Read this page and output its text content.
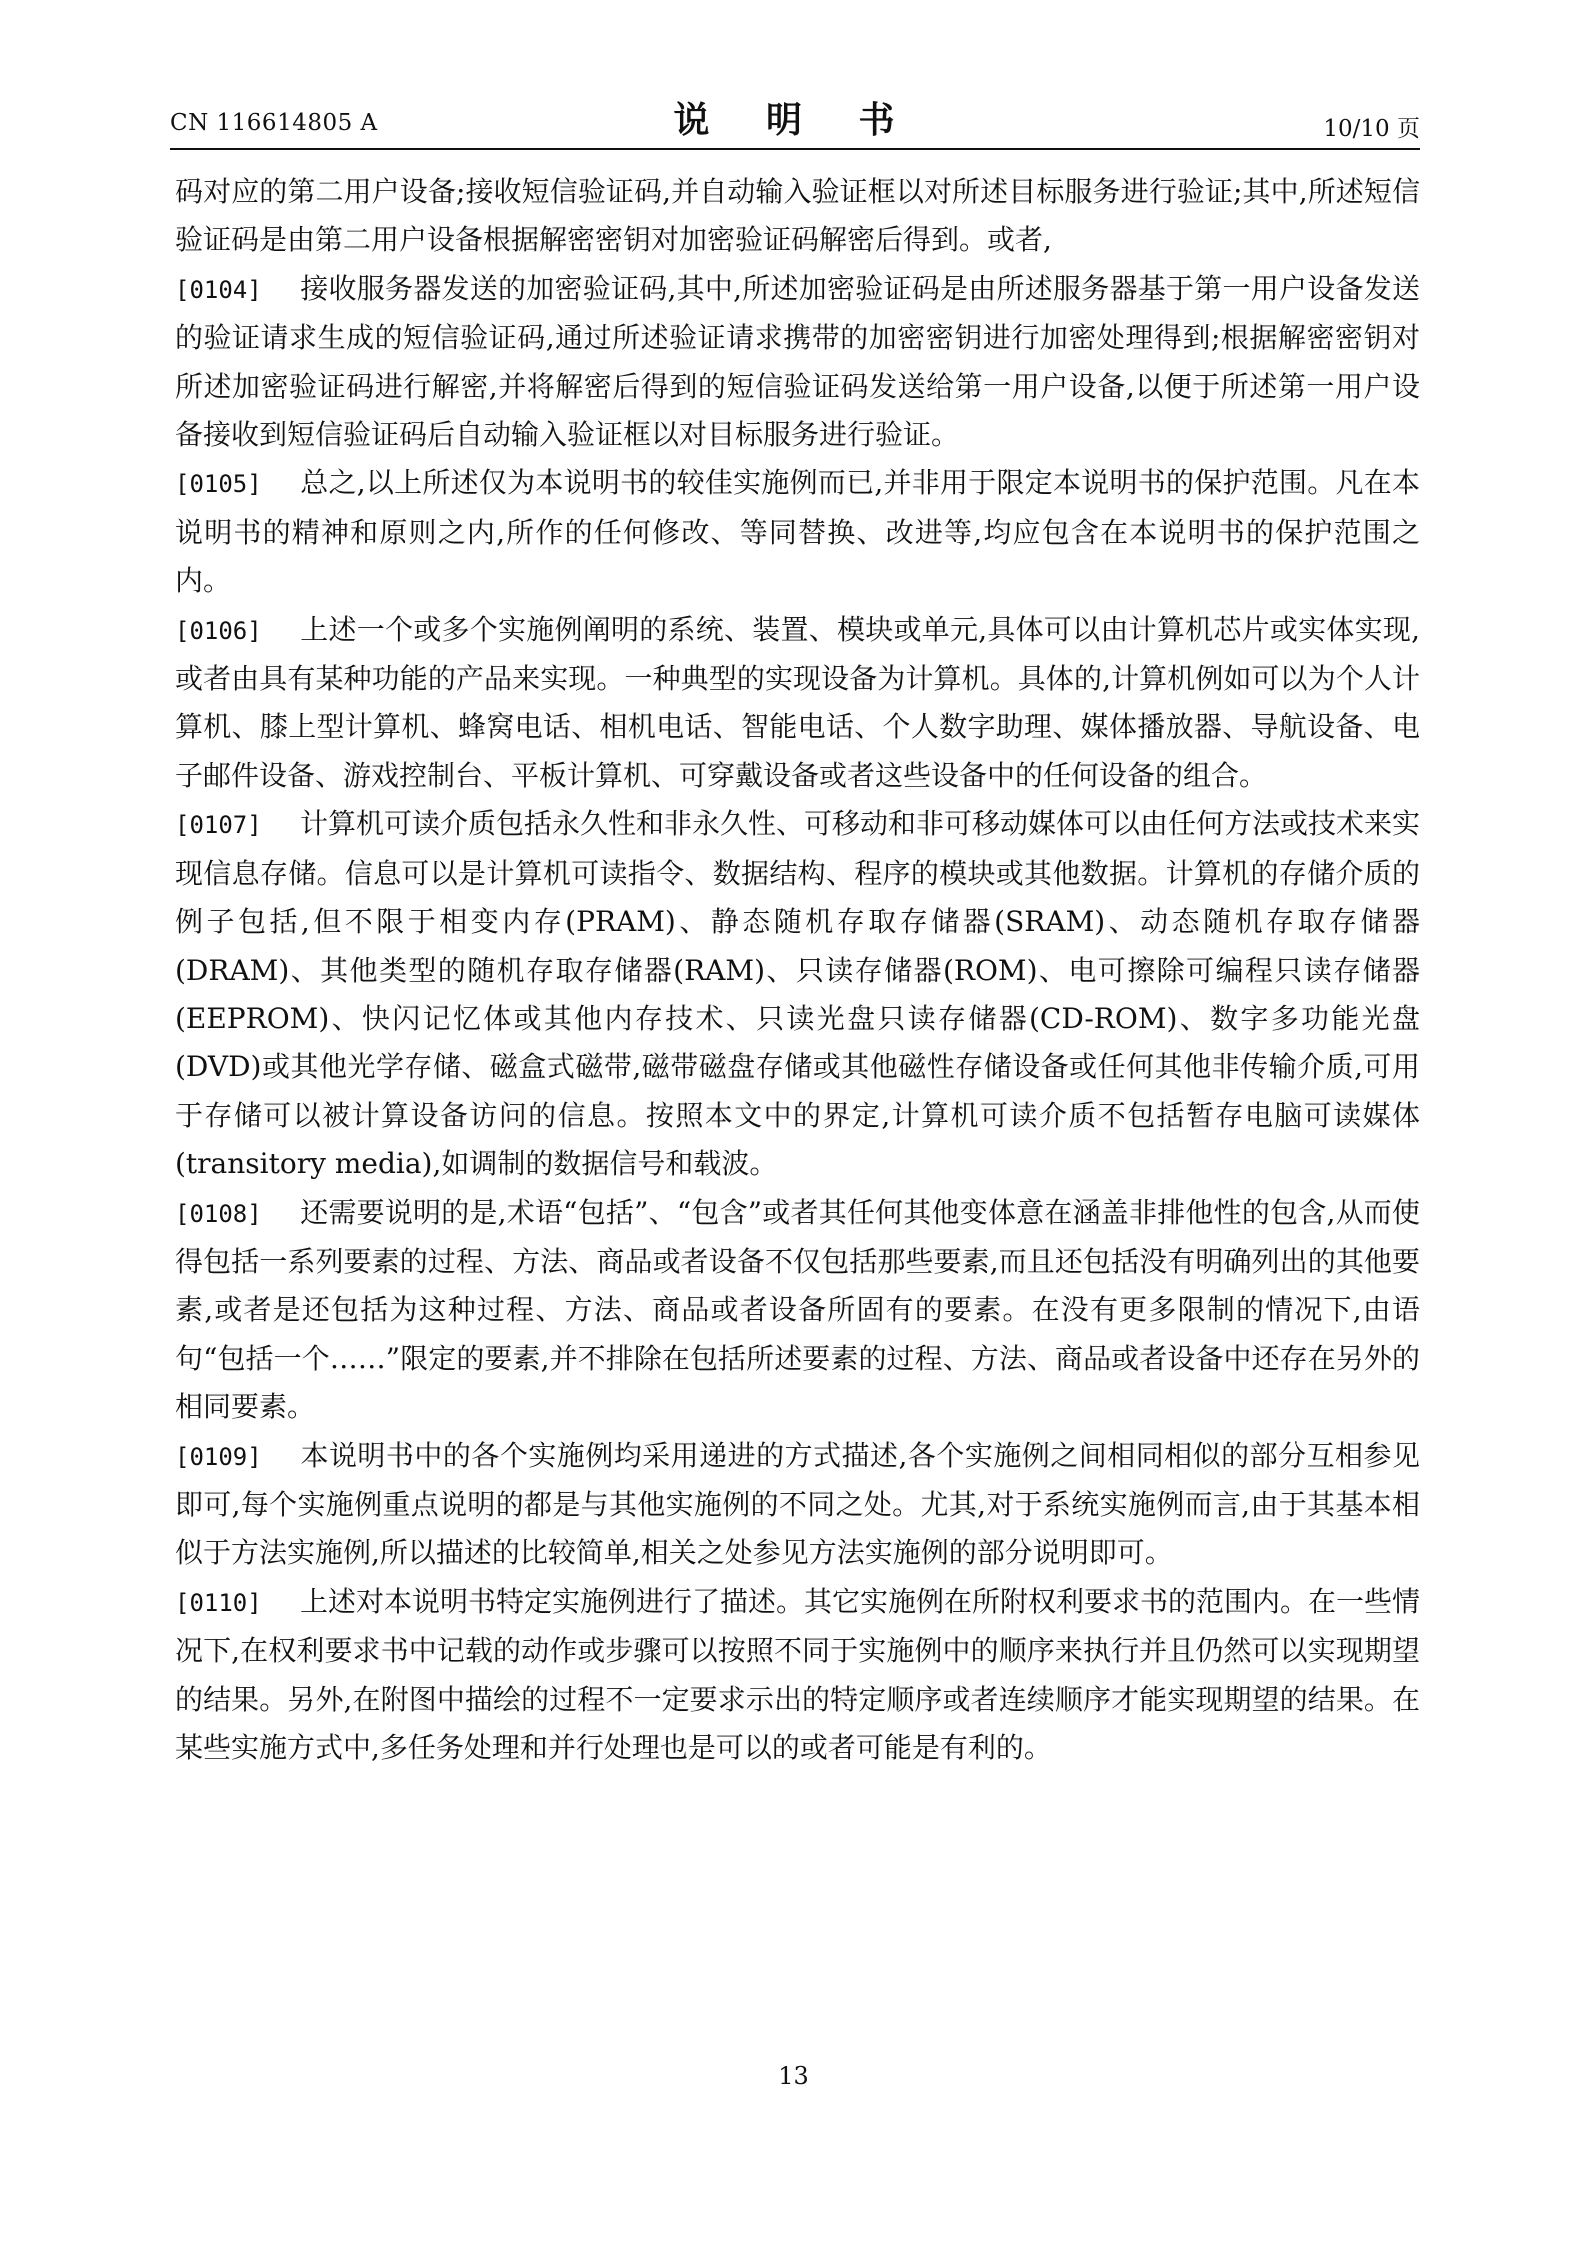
CN 116614805 A	说 明 书	10/10 页

码对应的第二用户设备;接收短信验证码,并自动输入验证框以对所述目标服务进行验证;其中,所述短信验证码是由第二用户设备根据解密密钥对加密验证码解密后得到。或者,

[0104] 接收服务器发送的加密验证码,其中,所述加密验证码是由所述服务器基于第一用户设备发送的验证请求生成的短信验证码,通过所述验证请求携带的加密密钥进行加密处理得到;根据解密密钥对所述加密验证码进行解密,并将解密后得到的短信验证码发送给第一用户设备,以便于所述第一用户设备接收到短信验证码后自动输入验证框以对目标服务进行验证。

[0105] 总之,以上所述仅为本说明书的较佳实施例而已,并非用于限定本说明书的保护范围。凡在本说明书的精神和原则之内,所作的任何修改、等同替换、改进等,均应包含在本说明书的保护范围之内。

[0106] 上述一个或多个实施例阐明的系统、装置、模块或单元,具体可以由计算机芯片或实体实现,或者由具有某种功能的产品来实现。一种典型的实现设备为计算机。具体的,计算机例如可以为个人计算机、膝上型计算机、蜂窝电话、相机电话、智能电话、个人数字助理、媒体播放器、导航设备、电子邮件设备、游戏控制台、平板计算机、可穿戴设备或者这些设备中的任何设备的组合。

[0107] 计算机可读介质包括永久性和非永久性、可移动和非可移动媒体可以由任何方法或技术来实现信息存储。信息可以是计算机可读指令、数据结构、程序的模块或其他数据。计算机的存储介质的例子包括,但不限于相变内存(PRAM)、静态随机存取存储器(SRAM)、动态随机存取存储器(DRAM)、其他类型的随机存取存储器(RAM)、只读存储器(ROM)、电可擦除可编程只读存储器(EEPROM)、快闪记忆体或其他内存技术、只读光盘只读存储器(CD-ROM)、数字多功能光盘(DVD)或其他光学存储、磁盒式磁带,磁带磁盘存储或其他磁性存储设备或任何其他非传输介质,可用于存储可以被计算设备访问的信息。按照本文中的界定,计算机可读介质不包括暂存电脑可读媒体(transitory media),如调制的数据信号和载波。

[0108] 还需要说明的是,术语“包括”、“包含”或者其任何其他变体意在涵盖非排他性的包含,从而使得包括一系列要素的过程、方法、商品或者设备不仅包括那些要素,而且还包括没有明确列出的其他要素,或者是还包括为这种过程、方法、商品或者设备所固有的要素。在没有更多限制的情况下,由语句“包括一个……”限定的要素,并不排除在包括所述要素的过程、方法、商品或者设备中还存在另外的相同要素。

[0109] 本说明书中的各个实施例均采用递进的方式描述,各个实施例之间相同相似的部分互相参见即可,每个实施例重点说明的都是与其他实施例的不同之处。尤其,对于系统实施例而言,由于其基本相似于方法实施例,所以描述的比较简单,相关之处参见方法实施例的部分说明即可。

[0110] 上述对本说明书特定实施例进行了描述。其它实施例在所附权利要求书的范围内。在一些情况下,在权利要求书中记载的动作或步骤可以按照不同于实施例中的顺序来执行并且仍然可以实现期望的结果。另外,在附图中描绘的过程不一定要求示出的特定顺序或者连续顺序才能实现期望的结果。在某些实施方式中,多任务处理和并行处理也是可以的或者可能是有利的。

13
